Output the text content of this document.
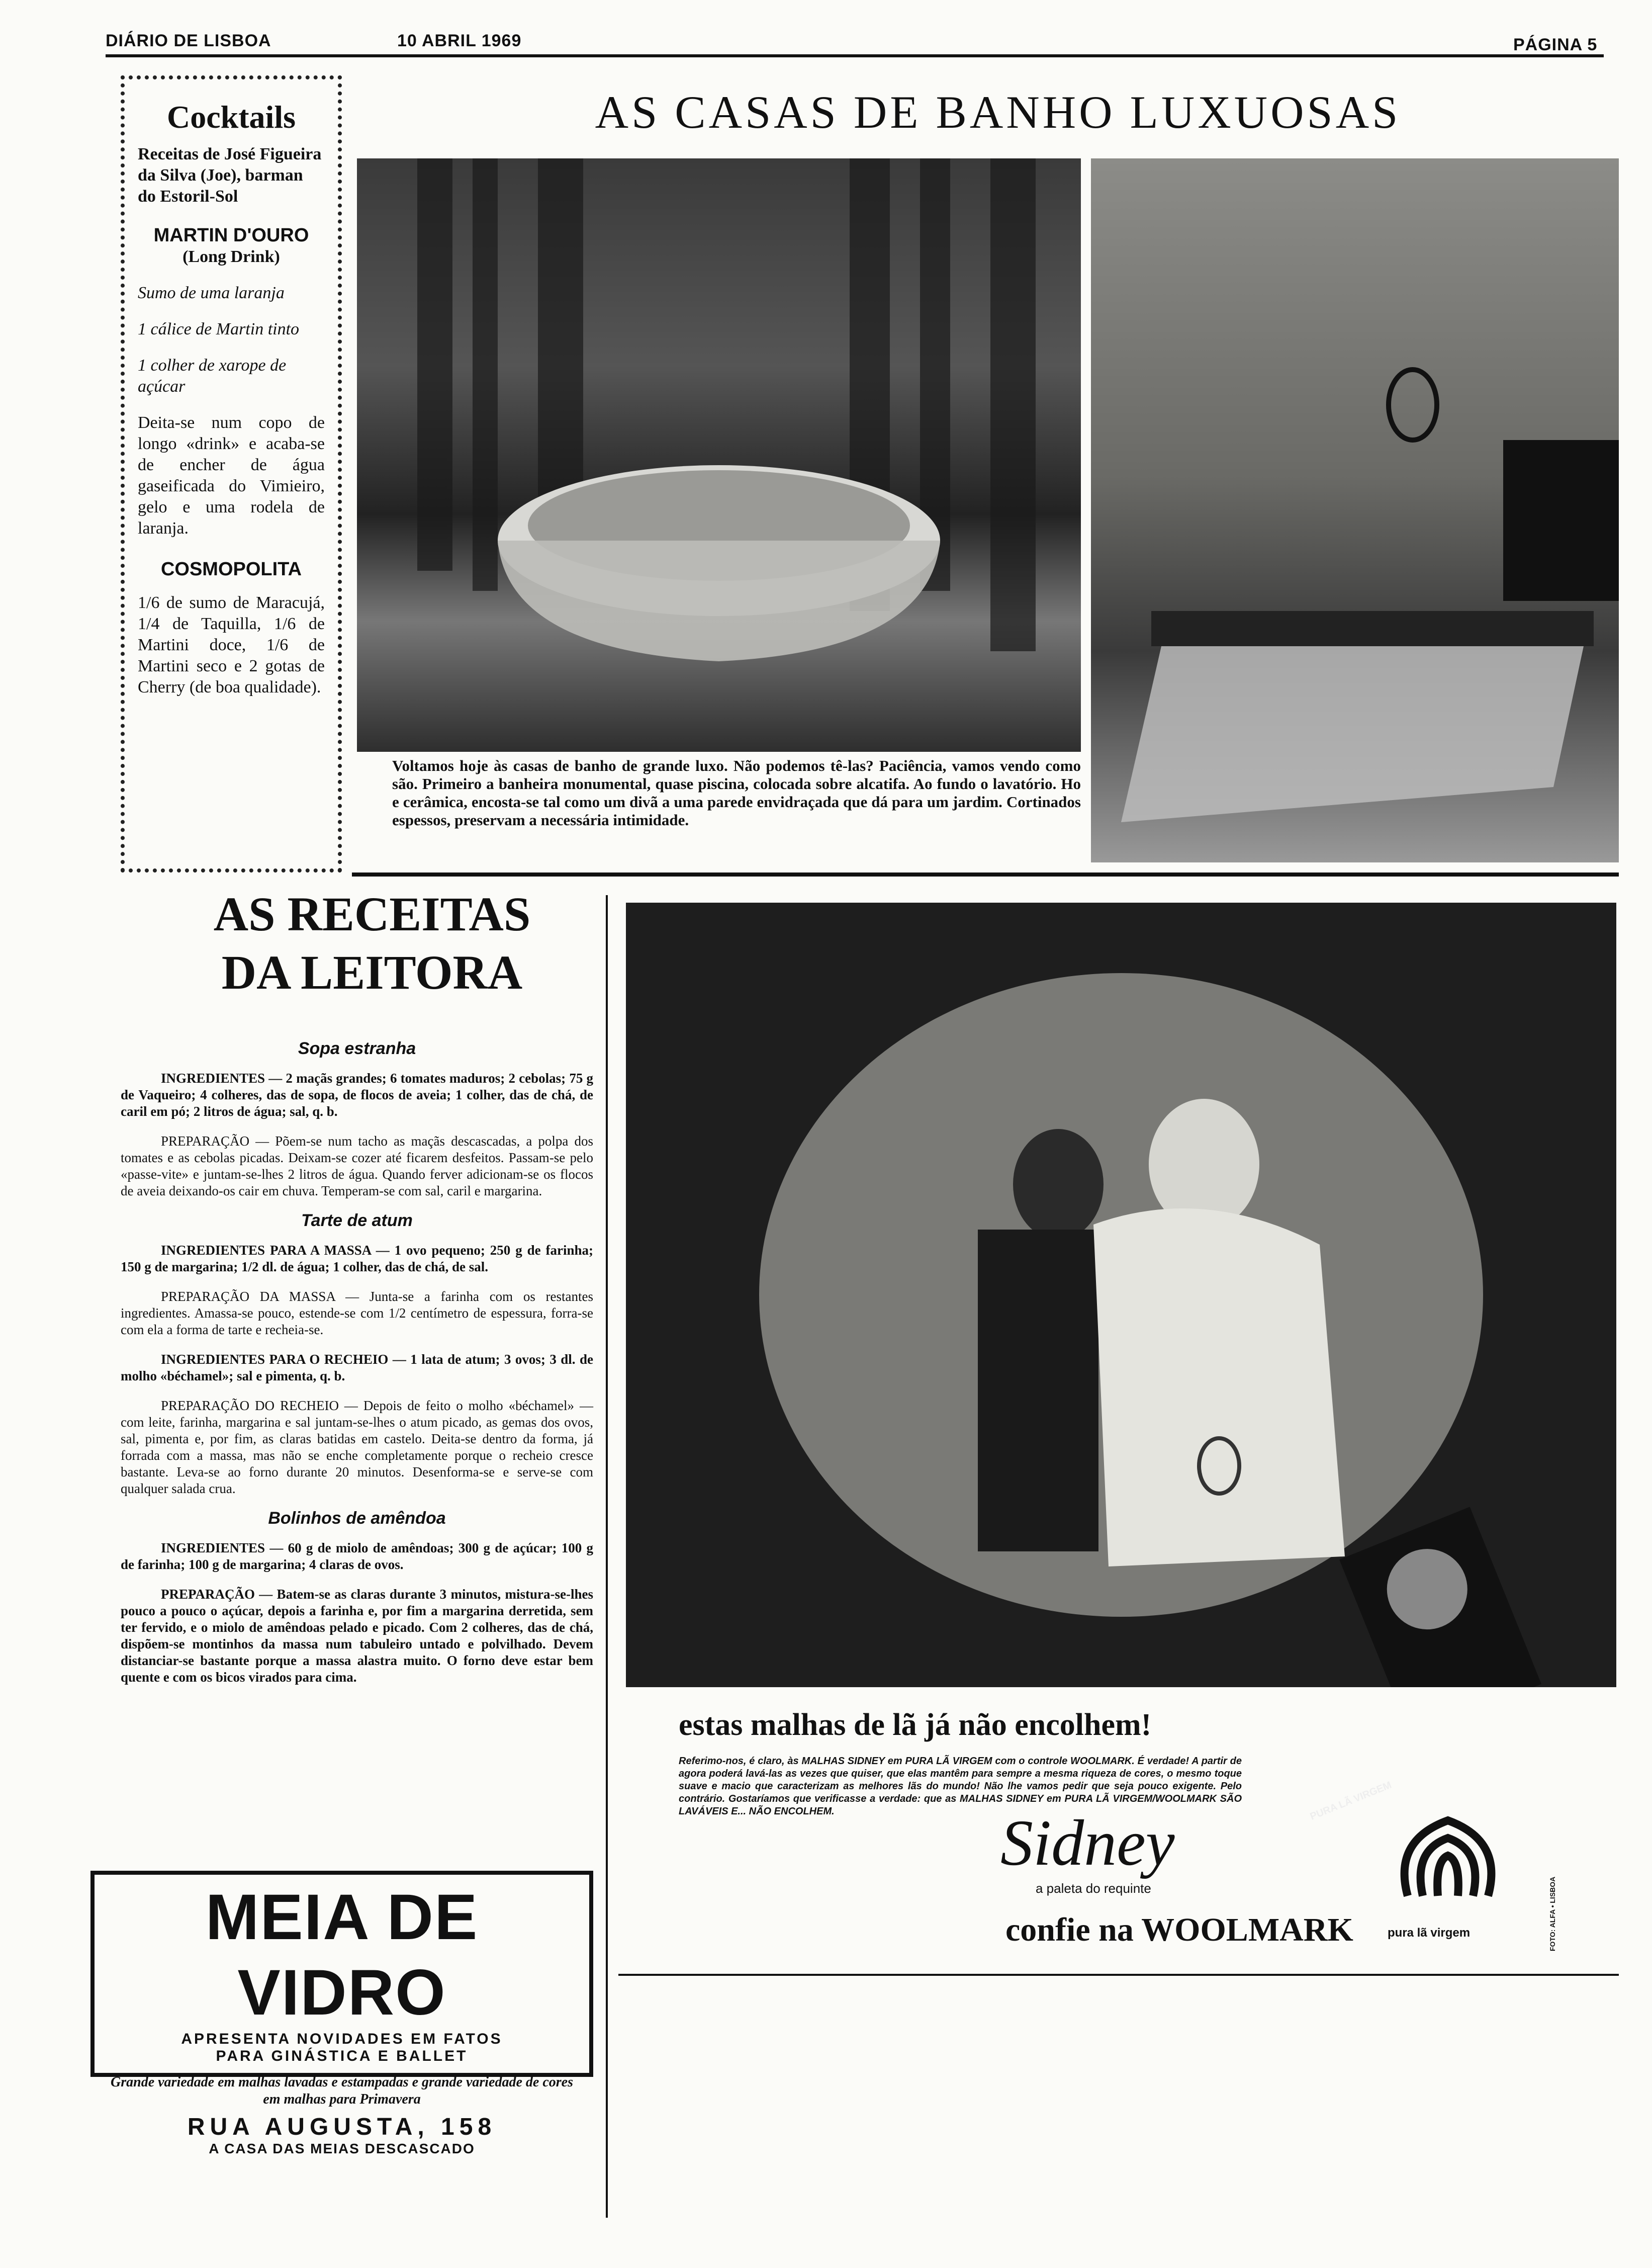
DIÁRIO DE LISBOA	10 ABRIL 1969	PÁGINA 5
Cocktails
Receitas de José Figueira da Silva (Joe), barman do Estoril-Sol
MARTIN D'OURO
(Long Drink)
Sumo de uma laranja
1 cálice de Martin tinto
1 colher de xarope de açúcar
Deita-se num copo de longo «drink» e acaba-se de encher de água gaseificada do Vimieiro, gelo e uma rodela de laranja.
COSMOPOLITA
1/6 de sumo de Maracujá, 1/4 de Taquilla, 1/6 de Martini doce, 1/6 de Martini seco e 2 gotas de Cherry (de boa qualidade).
AS CASAS DE BANHO LUXUOSAS
Voltamos hoje às casas de banho de grande luxo. Não podemos tê-las? Paciência, vamos vendo como são. Primeiro a banheira monumental, quase piscina, colocada sobre alcatifa. Ao fundo o lavatório. Ho e cerâmica, encosta-se tal como um divã a uma parede envidraçada que dá para um jardim. Cortinados espessos, preservam a necessária intimidade.
AS RECEITAS
DA LEITORA
Sopa estranha

INGREDIENTES — 2 maçãs grandes; 6 tomates maduros; 2 cebolas; 75 g de Vaqueiro; 4 colheres, das de sopa, de flocos de aveia; 1 colher, das de chá, de caril em pó; 2 litros de água; sal, q. b.

PREPARAÇÃO — Põem-se num tacho as maçãs descascadas, a polpa dos tomates e as cebolas picadas. Deixam-se cozer até ficarem desfeitos. Passam-se pelo «passe-vite» e juntam-se-lhes 2 litros de água. Quando ferver adicionam-se os flocos de aveia deixando-os cair em chuva. Temperam-se com sal, caril e margarina.

Tarte de atum

INGREDIENTES PARA A MASSA — 1 ovo pequeno; 250 g de farinha; 150 g de margarina; 1/2 dl. de água; 1 colher, das de chá, de sal.

PREPARAÇÃO DA MASSA — Junta-se a farinha com os restantes ingredientes. Amassa-se pouco, estende-se com 1/2 centímetro de espessura, forra-se com ela a forma de tarte e recheia-se.

INGREDIENTES PARA O RECHEIO — 1 lata de atum; 3 ovos; 3 dl. de molho «béchamel»; sal e pimenta, q. b.

PREPARAÇÃO DO RECHEIO — Depois de feito o molho «béchamel» — com leite, farinha, margarina e sal juntam-se-lhes o atum picado, as gemas dos ovos, sal, pimenta e, por fim, as claras batidas em castelo. Deita-se dentro da forma, já forrada com a massa, mas não se enche completamente porque o recheio cresce bastante. Leva-se ao forno durante 20 minutos. Desenforma-se e serve-se com qualquer salada crua.

Bolinhos de amêndoa

INGREDIENTES — 60 g de miolo de amêndoas; 300 g de açúcar; 100 g de farinha; 100 g de margarina; 4 claras de ovos.

PREPARAÇÃO — Batem-se as claras durante 3 minutos, mistura-se-lhes pouco a pouco o açúcar, depois a farinha e, por fim a margarina derretida, sem ter fervido, e o miolo de amêndoas pelado e picado. Com 2 colheres, das de chá, dispõem-se montinhos da massa num tabuleiro untado e polvilhado. Devem distanciar-se bastante porque a massa alastra muito. O forno deve estar bem quente e com os bicos virados para cima.

MEIA DE VIDRO
APRESENTA NOVIDADES EM FATOS
PARA GINÁSTICA E BALLET
Grande variedade em malhas lavadas e estampadas e grande variedade de cores em malhas para Primavera
RUA AUGUSTA, 158
A CASA DAS MEIAS DESCASCADO
estas malhas de lã já não encolhem!
Referimo-nos, é claro, às MALHAS SIDNEY em PURA LÃ VIRGEM com o controle WOOLMARK. É verdade! A partir de agora poderá lavá-las as vezes que quiser, que elas mantêm para sempre a mesma riqueza de cores, o mesmo toque suave e macio que caracterizam as melhores lãs do mundo! Não lhe vamos pedir que seja pouco exigente. Pelo contrário. Gostaríamos que verificasse a verdade: que as MALHAS SIDNEY em PURA LÃ VIRGEM/WOOLMARK SÃO LAVÁVEIS E... NÃO ENCOLHEM.	Sidney
a paleta do requinte
confie na WOOLMARK	pura lã virgem
PURA LÃ VIRGEM
FOTO: ALFA • LISBOA
